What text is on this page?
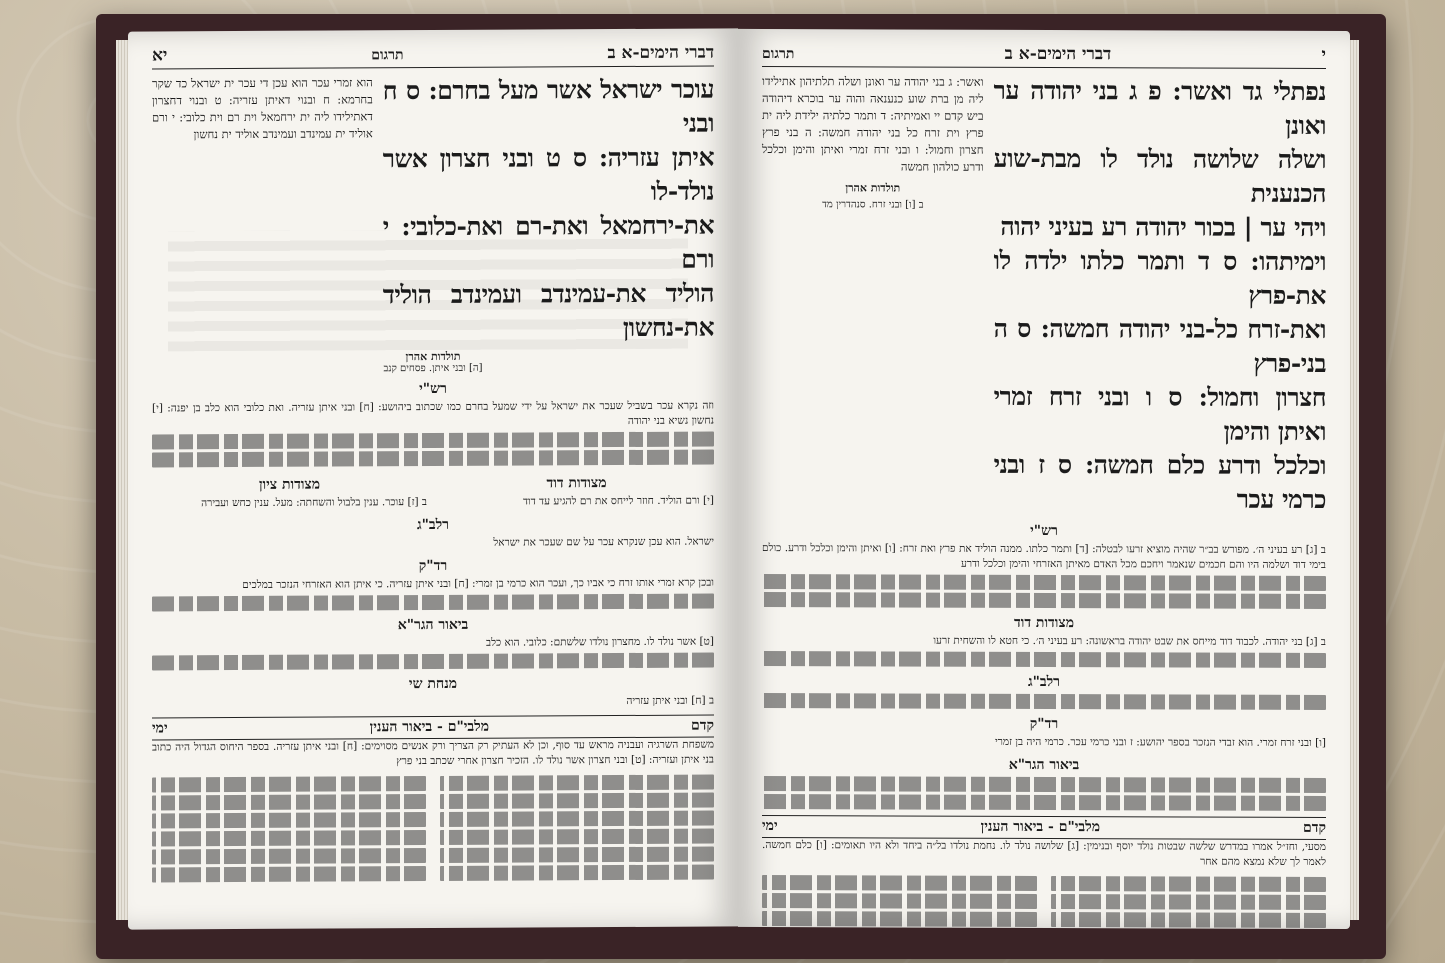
דברי הימים-א ב
תרגום
יא
עוכר ישראל אשר מעל בחרם: ס ח ובני
איתן עזריה: ס ט ובני חצרון אשר נולד-לו
את-ירחמאל ואת-רם ואת-כלובי: י ורם
הוליד את-עמינדב ועמינדב הוליד את-נחשון
הוא זמרי עכר הוא עכן די עכר ית ישראל כד שקר בחרמא: ח ובנוי דאיתן עזריה: ט ובנוי דחצרון דאתילידו ליה ית ירחמאל וית רם וית כלובי: י ורם אוליד ית עמינדב ועמינדב אוליד ית נחשון
תולדות אהרן
[ה] ובני איתן. פסחים קנב
רש"י
וזה נקרא עכר בשביל שעכר את ישראל על ידי שמעל בחרם כמו שכתוב ביהושע: [ח] ובני איתן עזריה. ואת כלובי הוא כלב בן יפנה: [י] נחשון נשיא בני יהודה
מצודות דוד
[י] ורם הוליד. חוזר לייחס את רם להגיע עד דוד
מצודות ציון
ב [ז] עוכר. ענין בלבול והשחתה: מעל. ענין כחש ועבירה
רלב"ג
ישראל. הוא עכן שנקרא עכר על שם שעכר את ישראל
רד"ק
ובכן קרא זמרי אותו זרח כי אביו כך, ועכר הוא כרמי בן זמרי: [ח] ובני איתן עזריה. כי איתן הוא האזרחי הנזכר במלכים
ביאור הגר"א
[ט] אשר נולד לו. מחצרון נולדו שלשתם: כלובי. הוא כלב
מנחת שי
ב [ח] ובני איתן עזריה
קדם
מלבי"ם - ביאור הענין
ימי
משפחת השרגיה ועבניה מראש עד סוף, וכן לא העתיק רק הצריך ורק אנשים מסוימים: [ח] ובני איתן עזריה. בספר היחוס הגדול היה כתוב בני איתן ועזריה: [ט] ובני חצרון אשר נולד לו. הזכיר חצרון אחרי שכתב בני פרץ
י
דברי הימים-א ב
תרגום
נפתלי גד ואשר: פ ג בני יהודה ער ואונן
ושלה שלושה נולד לו מבת-שוע הכנענית
ויהי ער | בכור יהודה רע בעיני יהוה
וימיתהו: ס ד ותמר כלתו ילדה לו את-פרץ
ואת-זרח כל-בני יהודה חמשה: ס ה בני-פרץ
חצרון וחמול: ס ו ובני זרח זמרי ואיתן והימן
וכלכל ודרע כלם חמשה: ס ז ובני כרמי עכר
ואשר: ג בני יהודה ער ואונן ושלה תלתיהון אתילידו ליה מן ברת שוע כנענאה והוה ער בוכרא דיהודה ביש קדם יי ואמיתיה: ד ותמר כלתיה ילידת ליה ית פרץ וית זרח כל בני יהודה חמשה: ה בני פרץ חצרון וחמול: ו ובני זרח זמרי ואיתן והימן וכלכל ודרע כולהון חמשה
תולדות אהרן
ב [ו] ובני זרח. סנהדרין מד
רש"י
ב [ג] רע בעיני ה׳. מפורש בב״ר שהיה מוציא זרעו לבטלה: [ד] ותמר כלתו. ממנה הוליד את פרץ ואת זרח: [ו] ואיתן והימן וכלכל ודרע. כולם בימי דוד ושלמה היו והם חכמים שנאמר ויחכם מכל האדם מאיתן האזרחי והימן וכלכל ודרע
מצודות דוד
ב [ג] בני יהודה. לכבוד דוד מייחס את שבט יהודה בראשונה: רע בעיני ה׳. כי חטא לו והשחית זרעו
רלב"ג
רד"ק
[ו] ובני זרח זמרי. הוא זבדי הנזכר בספר יהושע: ז ובני כרמי עכר. כרמי היה בן זמרי
ביאור הגר"א
קדם
מלבי"ם - ביאור הענין
ימי
מסעי, וחז״ל אמרו במדרש שלשה שבטות נולד יוסף ובנימין: [ג] שלושה נולד לו. נחמת נולדו בל״ה ביחד ולא היו תאומים: [ו] כלם חמשה. לאמר לך שלא נמצא מהם אחר
